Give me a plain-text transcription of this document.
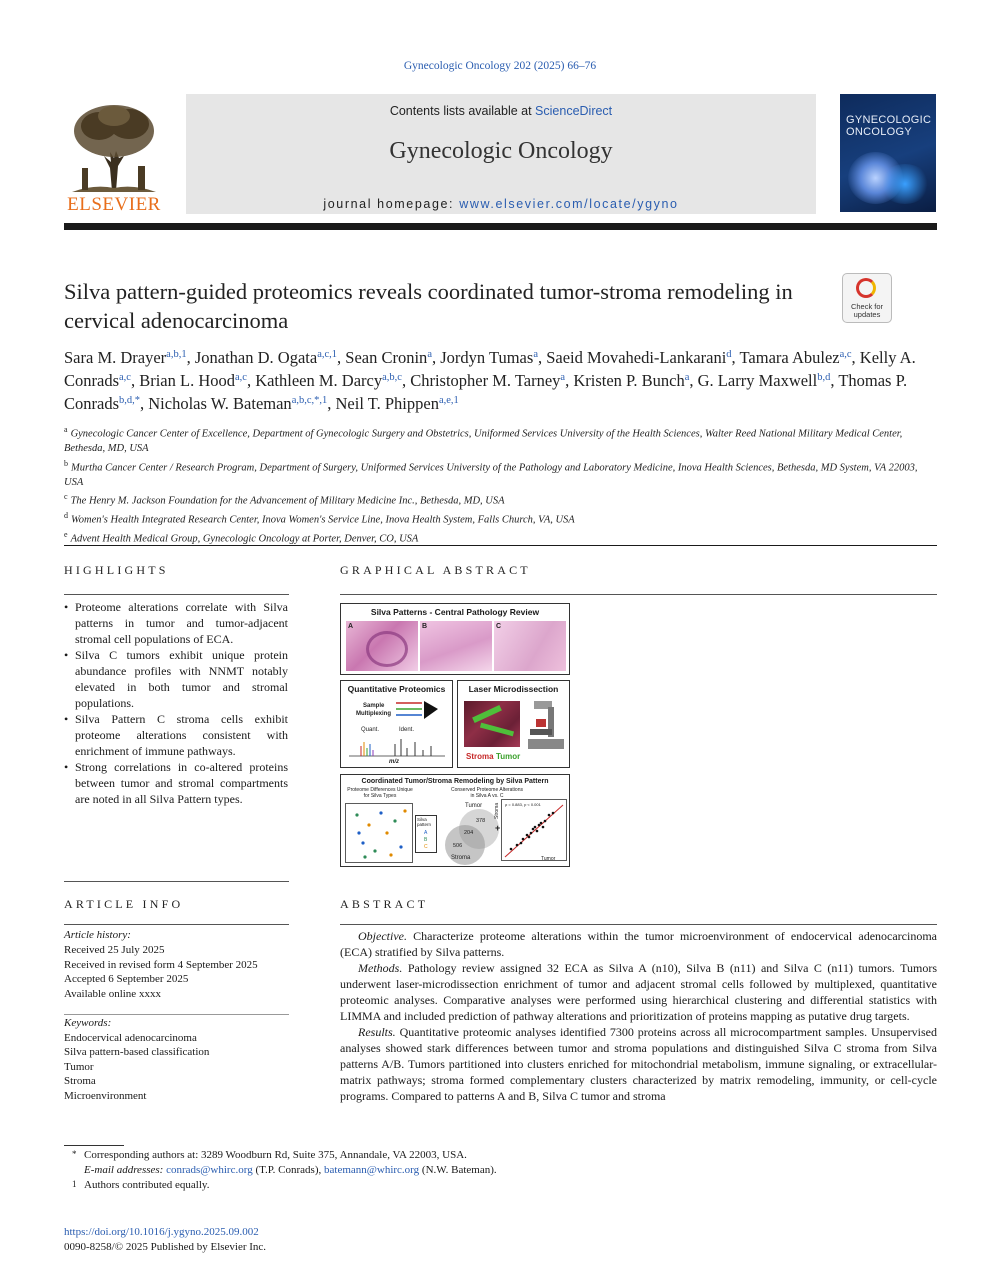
Gynecologic Oncology 202 (2025) 66–76
ELSEVIER
Contents lists available at ScienceDirect
Gynecologic Oncology
journal homepage: www.elsevier.com/locate/ygyno
GYNECOLOGIC
ONCOLOGY
Silva pattern-guided proteomics reveals coordinated tumor-stroma remodeling in cervical adenocarcinoma
Check for updates
Sara M. Drayer$^{a,b,1}$, Jonathan D. Ogata$^{a,c,1}$, Sean Cronin$^a$, Jordyn Tumas$^a$, Saeid Movahedi-Lankarani$^d$, Tamara Abulez$^{a,c}$, Kelly A. Conrads$^{a,c}$, Brian L. Hood$^{a,c}$, Kathleen M. Darcy$^{a,b,c}$, Christopher M. Tarney$^a$, Kristen P. Bunch$^a$, G. Larry Maxwell$^{b,d}$, Thomas P. Conrads$^{b,d,*}$, Nicholas W. Bateman$^{a,b,c,*,1}$, Neil T. Phippen$^{a,e,1}$
$^a$ Gynecologic Cancer Center of Excellence, Department of Gynecologic Surgery and Obstetrics, Uniformed Services University of the Health Sciences, Walter Reed National Military Medical Center, Bethesda, MD, USA
$^b$ Murtha Cancer Center / Research Program, Department of Surgery, Uniformed Services University of the Pathology and Laboratory Medicine, Inova Health Sciences, Bethesda, MD System, VA 22003, USA
$^c$ The Henry M. Jackson Foundation for the Advancement of Military Medicine Inc., Bethesda, MD, USA
$^d$ Women's Health Integrated Research Center, Inova Women's Service Line, Inova Health System, Falls Church, VA, USA
$^e$ Advent Health Medical Group, Gynecologic Oncology at Porter, Denver, CO, USA
HIGHLIGHTS	GRAPHICAL ABSTRACT
• Proteome alterations correlate with Silva patterns in tumor and tumor-adjacent stromal cell populations of ECA.
• Silva C tumors exhibit unique protein abundance profiles with NNMT notably elevated in both tumor and stromal populations.
• Silva Pattern C stroma cells exhibit proteome alterations consistent with enrichment of immune pathways.
• Strong correlations in co-altered proteins between tumor and stromal compartments are noted in all Silva Pattern types.
Silva Patterns - Central Pathology Review
A	B	C
Quantitative Proteomics
Sample
Multiplexing
Quant.	Ident.
m/z
Laser Microdissection
Stroma Tumor
Coordinated Tumor/Stroma Remodeling by Silva Pattern
Proteome Differences Unique for Silva Types
Silva pattern
A
B
C
Conserved Proteome Alterations in Silva A vs. C
Tumor
378
204
506
Stroma
+
ρ = 0.883, p < 0.001
Tumor
Stroma
ARTICLE INFO	ABSTRACT
Article history:
Received 25 July 2025
Received in revised form 4 September 2025
Accepted 6 September 2025
Available online xxxx
Keywords:
Endocervical adenocarcinoma
Silva pattern-based classification
Tumor
Stroma
Microenvironment

Objective. Characterize proteome alterations within the tumor microenvironment of endocervical adenocarcinoma (ECA) stratified by Silva patterns.

Methods. Pathology review assigned 32 ECA as Silva A (n10), Silva B (n11) and Silva C (n11) tumors. Tumors underwent laser-microdissection enrichment of tumor and adjacent stromal cells followed by multiplexed, quantitative proteomic analyses. Comparative analyses were performed using hierarchical clustering and differential statistics with LIMMA and included prediction of pathway alterations and prioritization of proteins mapping as putative drug targets.

Results. Quantitative proteomic analyses identified 7300 proteins across all microcompartment samples. Unsupervised analyses showed stark differences between tumor and stroma populations and distinguished Silva C stroma from Silva patterns A/B. Tumors partitioned into clusters enriched for mitochondrial metabolism, immune signaling, or extracellular-matrix pathways; stroma formed complementary clusters characterized by matrix remodeling, immunity, or cell-cycle programs. Compared to patterns A and B, Silva C tumor and stroma

* Corresponding authors at: 3289 Woodburn Rd, Suite 375, Annandale, VA 22003, USA.
E-mail addresses: conrads@whirc.org (T.P. Conrads), batemann@whirc.org (N.W. Bateman).
1 Authors contributed equally.
https://doi.org/10.1016/j.ygyno.2025.09.002
0090-8258/© 2025 Published by Elsevier Inc.
